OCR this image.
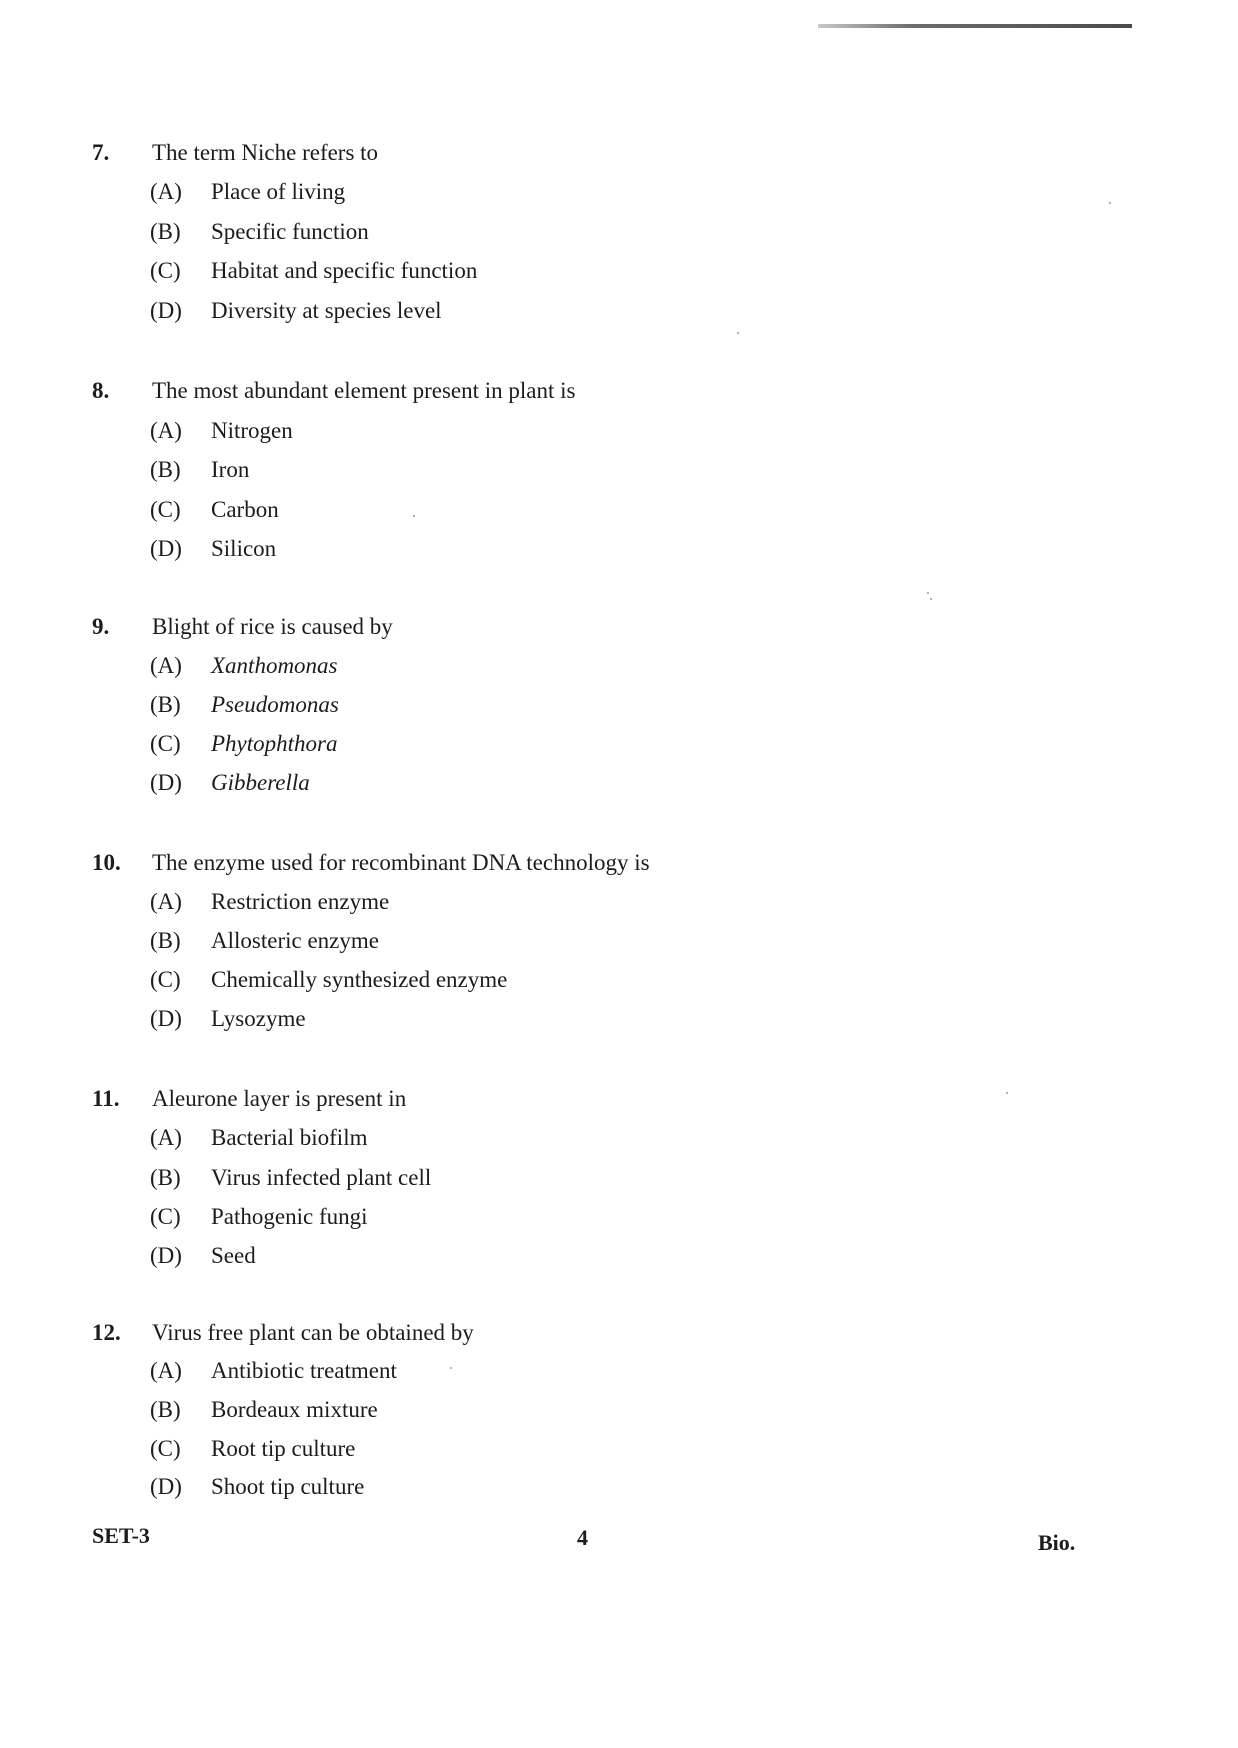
7. The term Niche refers to
(A) Place of living
(B) Specific function
(C) Habitat and specific function
(D) Diversity at species level
8. The most abundant element present in plant is
(A) Nitrogen
(B) Iron
(C) Carbon
(D) Silicon
9. Blight of rice is caused by
(A) Xanthomonas
(B) Pseudomonas
(C) Phytophthora
(D) Gibberella
10. The enzyme used for recombinant DNA technology is
(A) Restriction enzyme
(B) Allosteric enzyme
(C) Chemically synthesized enzyme
(D) Lysozyme
11. Aleurone layer is present in
(A) Bacterial biofilm
(B) Virus infected plant cell
(C) Pathogenic fungi
(D) Seed
12. Virus free plant can be obtained by
(A) Antibiotic treatment
(B) Bordeaux mixture
(C) Root tip culture
(D) Shoot tip culture
SET-3	4	Bio.
